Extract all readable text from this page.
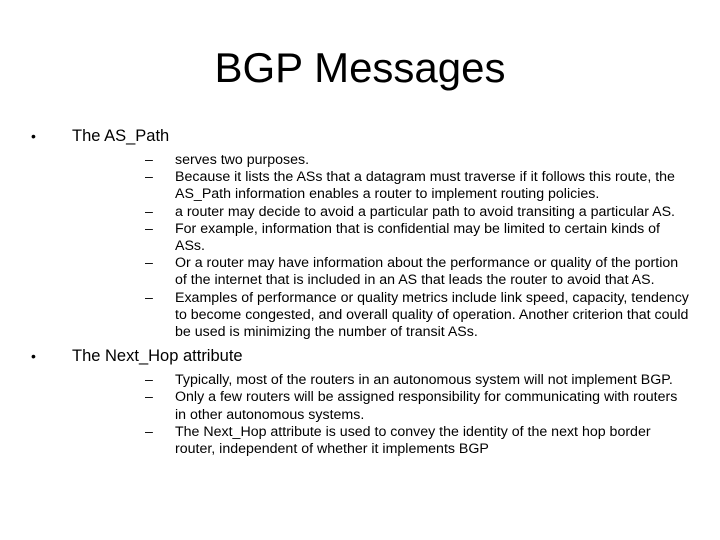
BGP Messages
• The AS_Path
– serves two purposes.
– Because it lists the ASs that a datagram must traverse if it follows this route, the AS_Path information enables a router to implement routing policies.
– a router may decide to avoid a particular path to avoid transiting a particular AS.
– For example, information that is confidential may be limited to certain kinds of ASs.
– Or a router may have information about the performance or quality of the portion of the internet that is included in an AS that leads the router to avoid that AS.
– Examples of performance or quality metrics include link speed, capacity, tendency to become congested, and overall quality of operation. Another criterion that could be used is minimizing the number of transit ASs.
• The Next_Hop attribute
– Typically, most of the routers in an autonomous system will not implement BGP.
– Only a few routers will be assigned responsibility for communicating with routers in other autonomous systems.
– The Next_Hop attribute is used to convey the identity of the next hop border router, independent of whether it implements BGP
